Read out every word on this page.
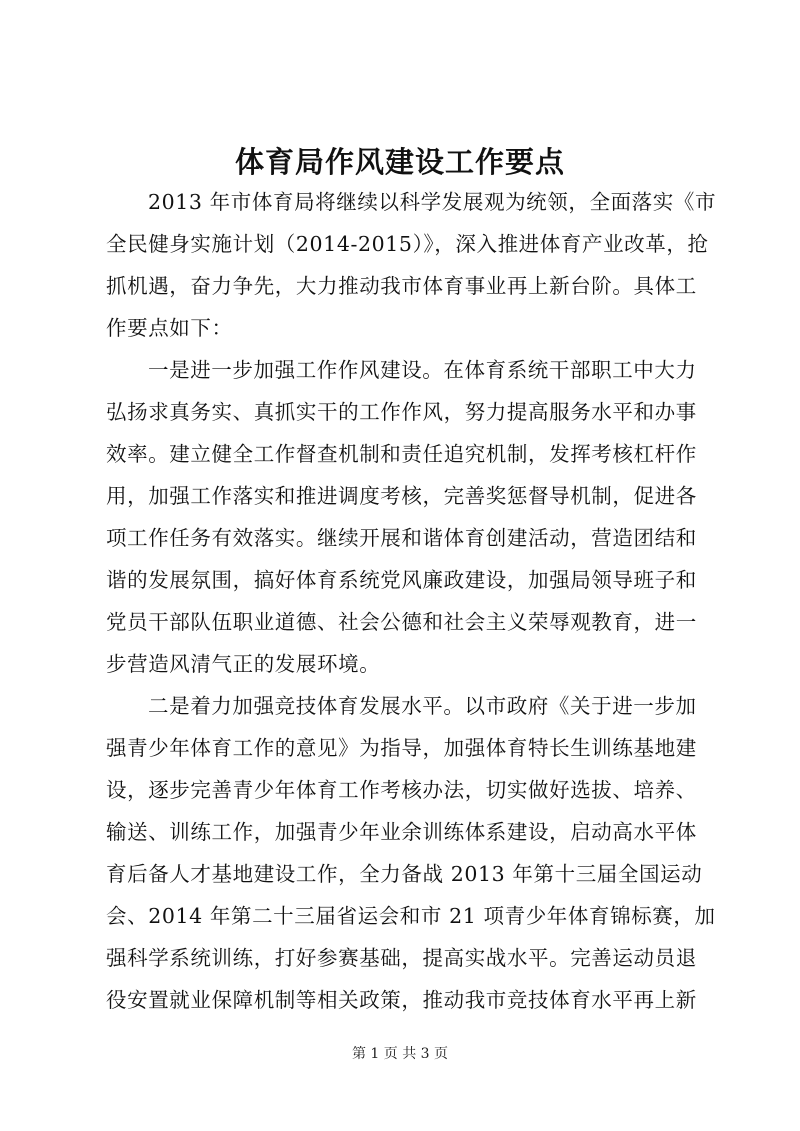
体育局作风建设工作要点
2013 年市体育局将继续以科学发展观为统领，全面落实《市
全民健身实施计划（2014-2015）》，深入推进体育产业改革，抢
抓机遇，奋力争先，大力推动我市体育事业再上新台阶。具体工
作要点如下：
一是进一步加强工作作风建设。在体育系统干部职工中大力
弘扬求真务实、真抓实干的工作作风，努力提高服务水平和办事
效率。建立健全工作督查机制和责任追究机制，发挥考核杠杆作
用，加强工作落实和推进调度考核，完善奖惩督导机制，促进各
项工作任务有效落实。继续开展和谐体育创建活动，营造团结和
谐的发展氛围，搞好体育系统党风廉政建设，加强局领导班子和
党员干部队伍职业道德、社会公德和社会主义荣辱观教育，进一
步营造风清气正的发展环境。
二是着力加强竞技体育发展水平。以市政府《关于进一步加
强青少年体育工作的意见》为指导，加强体育特长生训练基地建
设，逐步完善青少年体育工作考核办法，切实做好选拔、培养、
输送、训练工作，加强青少年业余训练体系建设，启动高水平体
育后备人才基地建设工作，全力备战 2013 年第十三届全国运动
会、2014 年第二十三届省运会和市 21 项青少年体育锦标赛，加
强科学系统训练，打好参赛基础，提高实战水平。完善运动员退
役安置就业保障机制等相关政策，推动我市竞技体育水平再上新
第 1 页 共 3 页
